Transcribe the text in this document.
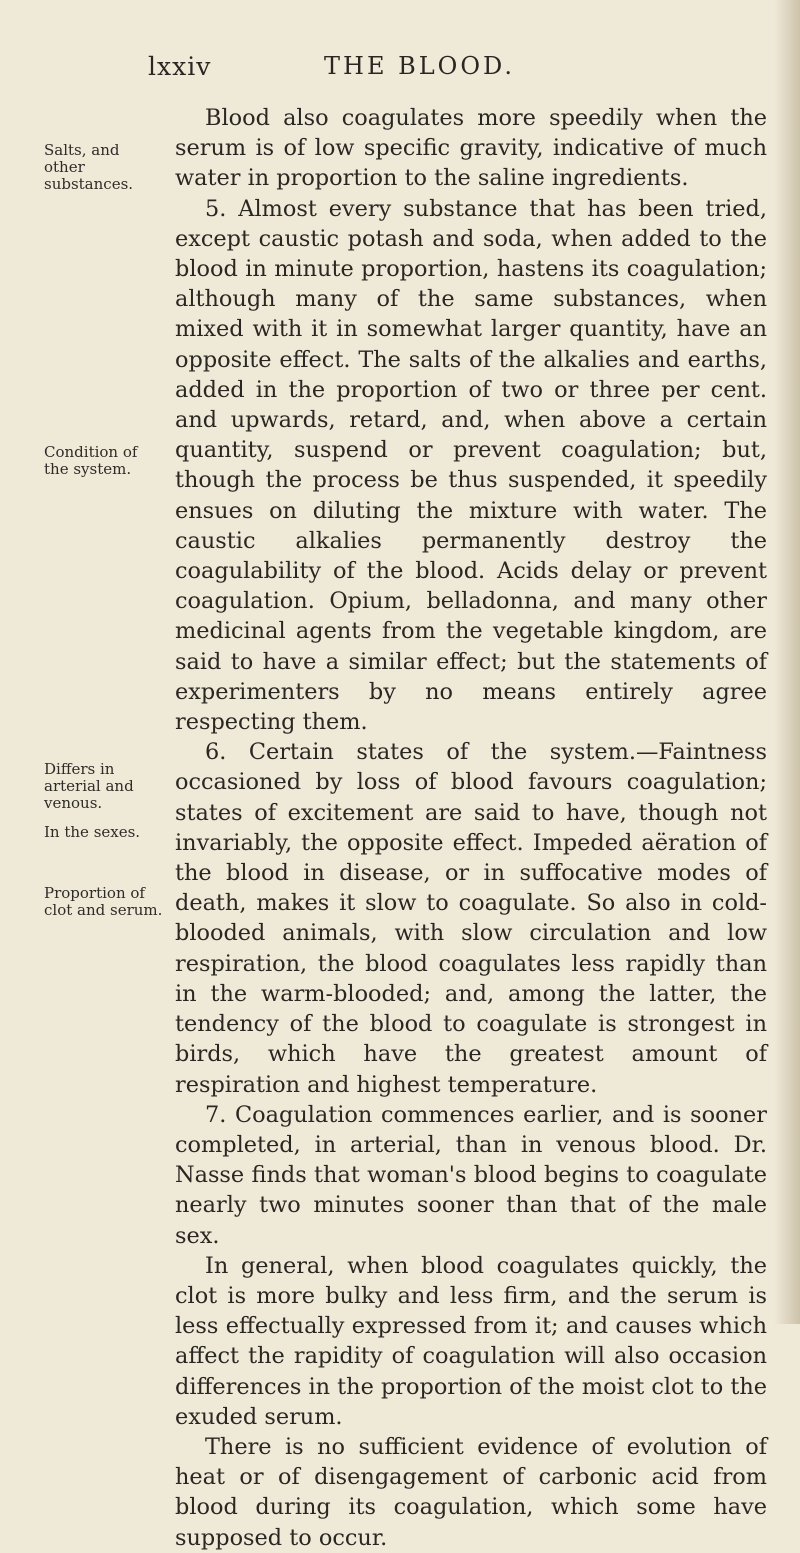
lxxiv	THE BLOOD.
Salts, and other substances.
Condition of the system.
Differs in arterial and venous.
In the sexes.
Proportion of clot and serum.

Blood also coagulates more speedily when the serum is of low specific gravity, indicative of much water in proportion to the saline ingredients.

5. Almost every substance that has been tried, except caustic potash and soda, when added to the blood in minute proportion, hastens its coagulation; although many of the same substances, when mixed with it in somewhat larger quantity, have an opposite effect. The salts of the alkalies and earths, added in the proportion of two or three per cent. and upwards, retard, and, when above a certain quantity, suspend or prevent coagulation; but, though the process be thus suspended, it speedily ensues on diluting the mixture with water. The caustic alkalies permanently destroy the coagulability of the blood. Acids delay or prevent coagulation. Opium, belladonna, and many other medicinal agents from the vegetable kingdom, are said to have a similar effect; but the statements of experimenters by no means entirely agree respecting them.

6. Certain states of the system.—Faintness occasioned by loss of blood favours coagulation; states of excitement are said to have, though not invariably, the opposite effect. Impeded aëration of the blood in disease, or in suffocative modes of death, makes it slow to coagulate. So also in cold-blooded animals, with slow circulation and low respiration, the blood coagulates less rapidly than in the warm-blooded; and, among the latter, the tendency of the blood to coagulate is strongest in birds, which have the greatest amount of respiration and highest temperature.

7. Coagulation commences earlier, and is sooner completed, in arterial, than in venous blood. Dr. Nasse finds that woman's blood begins to coagulate nearly two minutes sooner than that of the male sex.

In general, when blood coagulates quickly, the clot is more bulky and less firm, and the serum is less effectually expressed from it; and causes which affect the rapidity of coagulation will also occasion differences in the proportion of the moist clot to the exuded serum.

There is no sufficient evidence of evolution of heat or of disengagement of carbonic acid from blood during its coagulation, which some have supposed to occur.
